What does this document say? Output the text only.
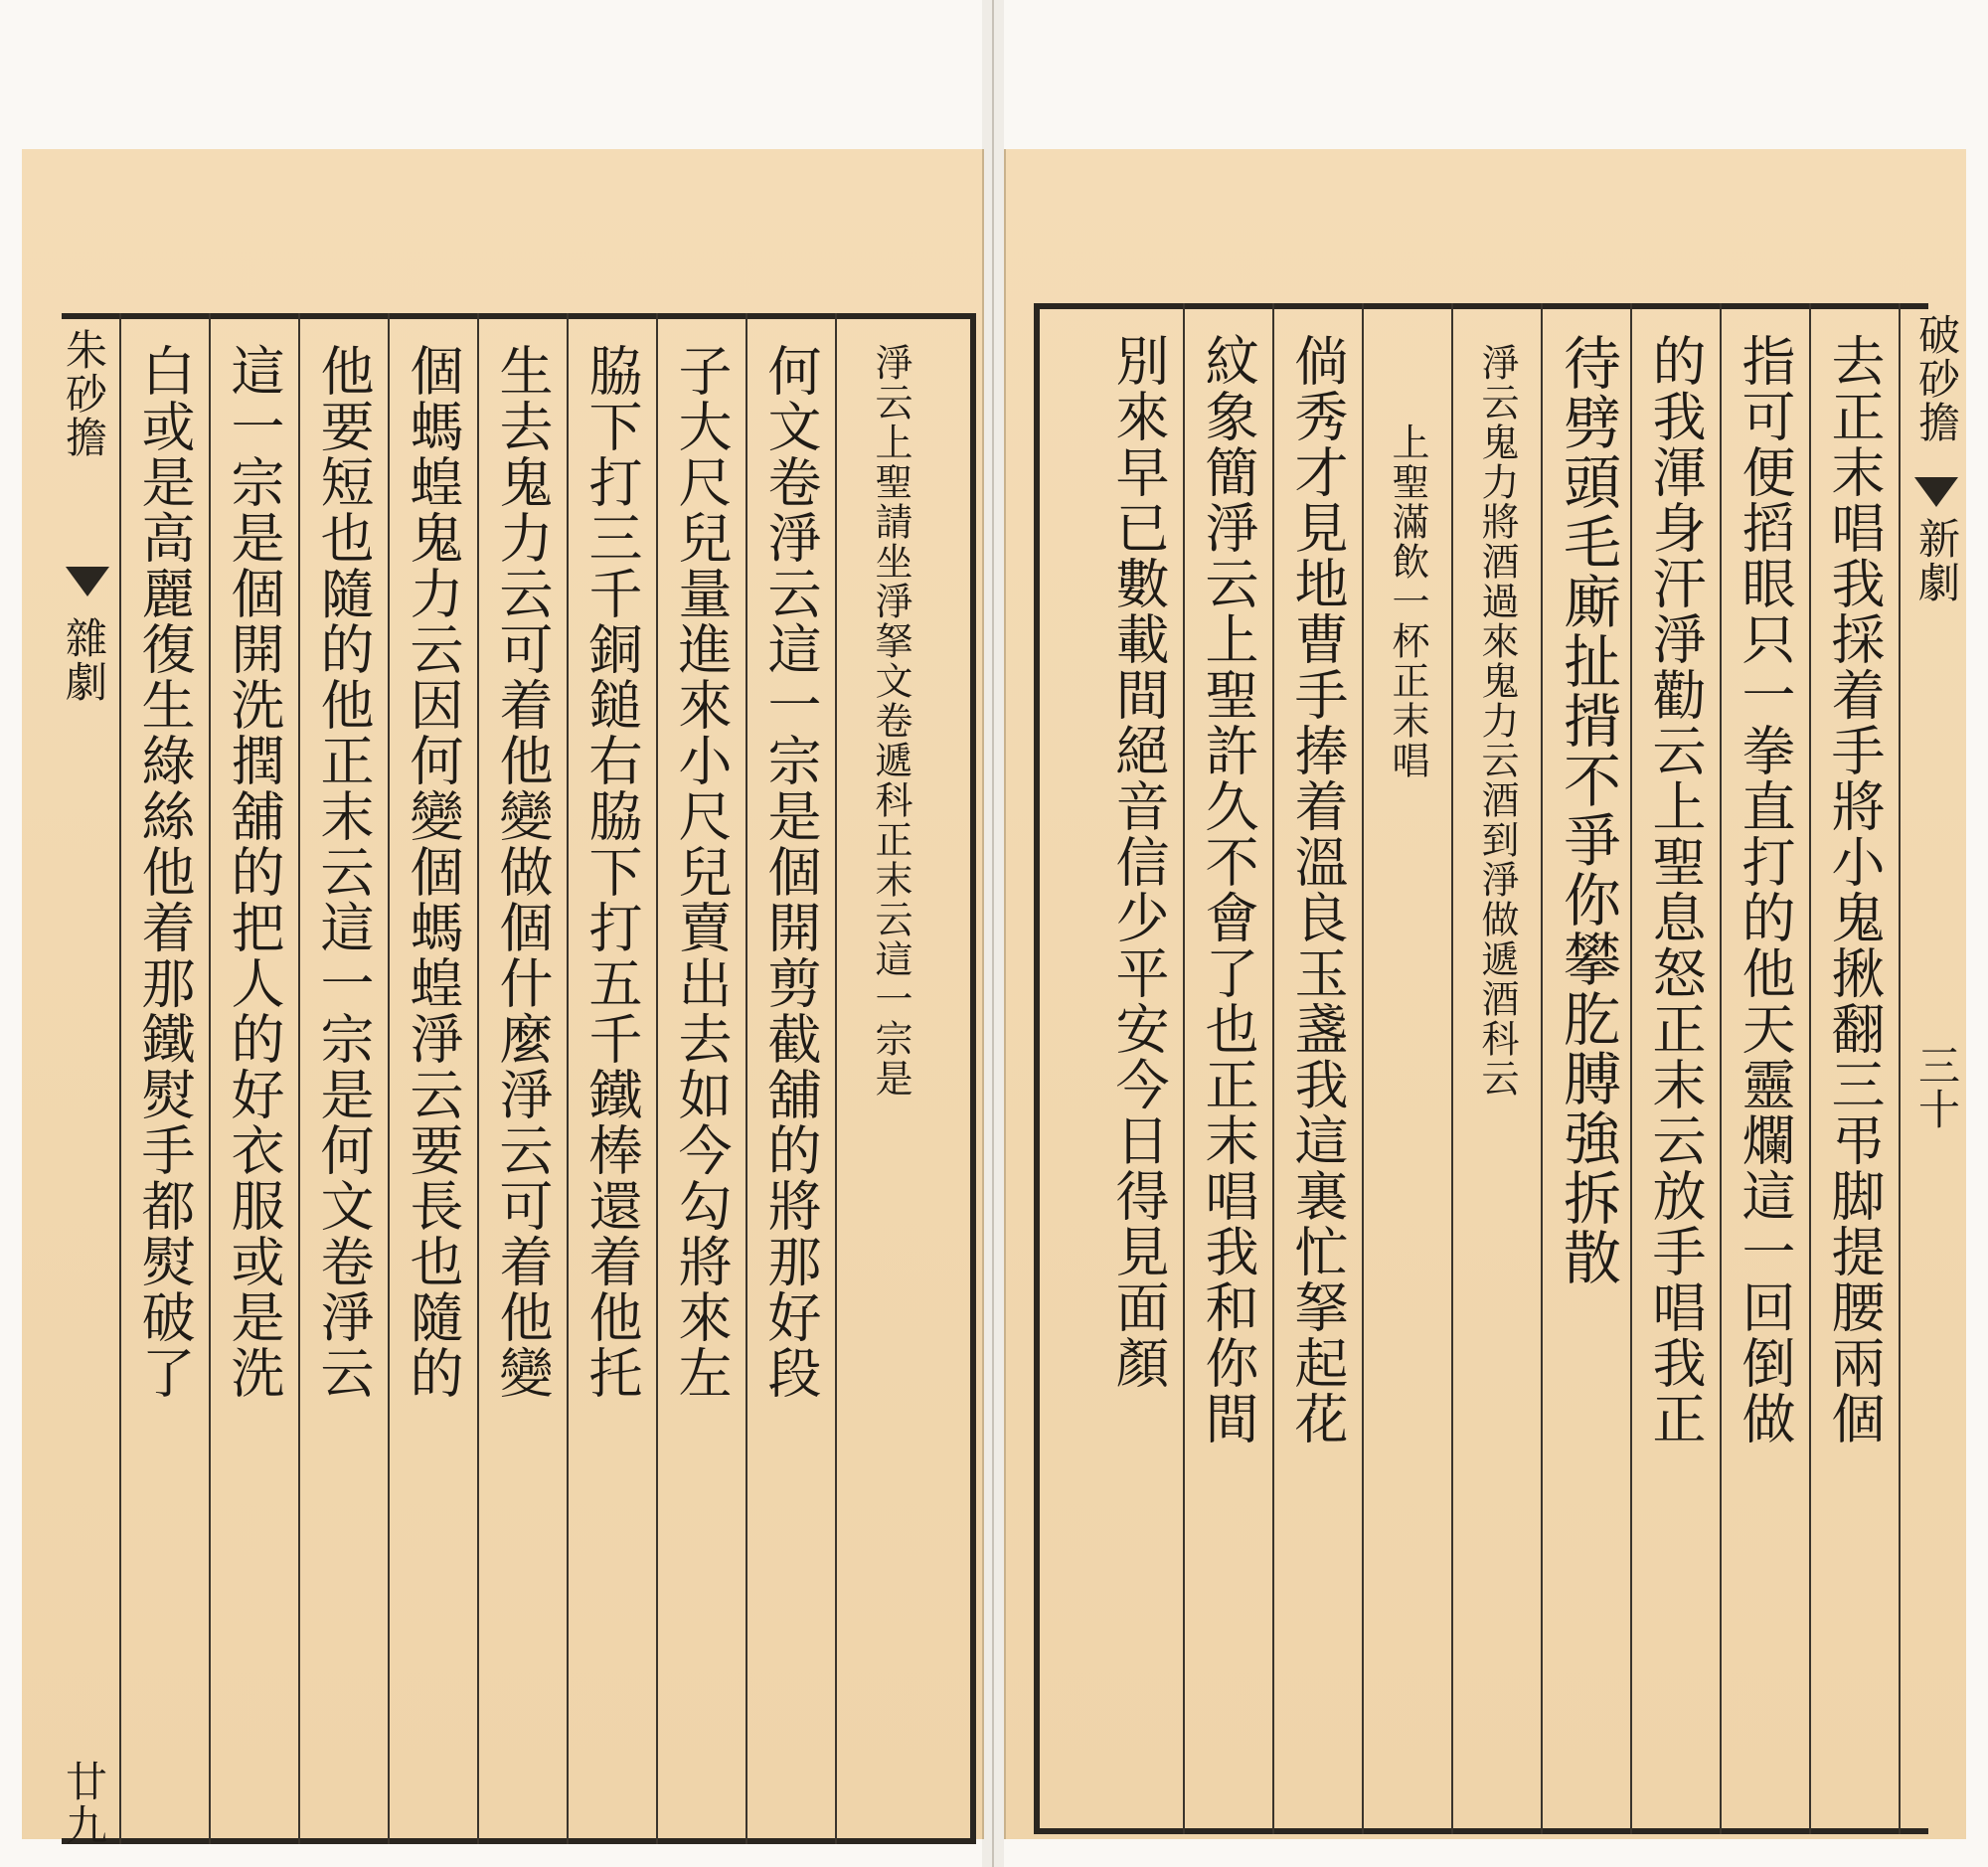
朱砂擔
雜劇
廿九
淨云上聖請坐淨拏文卷遞科正末云這一宗是
何文卷淨云這一宗是個開剪截舖的將那好段
子大尺兒量進來小尺兒賣出去如今勾將來左
脇下打三千銅鎚右脇下打五千鐵棒還着他托
生去鬼力云可着他變做個什麼淨云可着他變
個螞蝗鬼力云因何變個螞蝗淨云要長也隨的
他要短也隨的他正末云這一宗是何文卷淨云
這一宗是個開洗撋舖的把人的好衣服或是洗
白或是高麗復生綠絲他着那鐵熨手都熨破了	破砂擔
新劇
三十
去正末唱我採着手將小鬼揪翻三弔脚提腰兩個
指可便搯眼只一拳直打的他天靈爛這一回倒做
的我渾身汗淨勸云上聖息怒正末云放手唱我正
待劈頭毛廝扯揹不爭你攀肐膊強拆散
淨云鬼力將酒過來鬼力云酒到淨做遞酒科云
上聖滿飲一杯正末唱
倘秀才見地曹手捧着溫良玉盞我這裏忙拏起花
紋象簡淨云上聖許久不會了也正末唱我和你間
別來早已數載間絕音信少平安今日得見面顏
